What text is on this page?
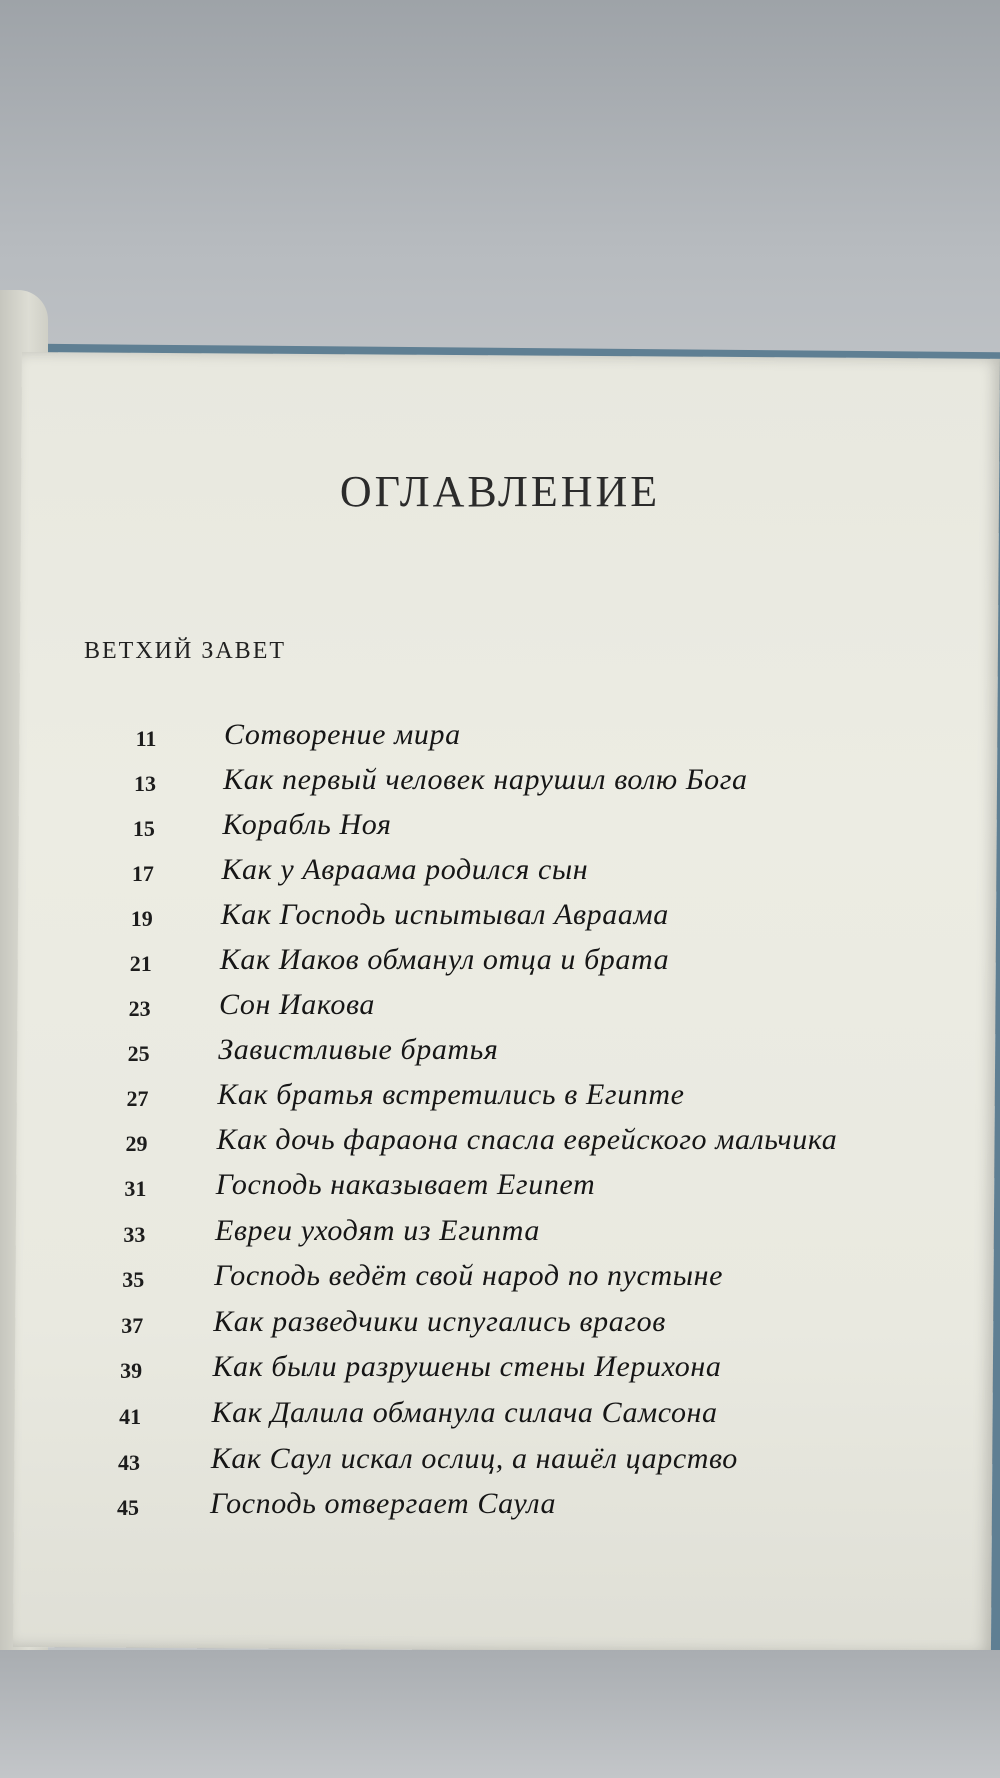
ОГЛАВЛЕНИЕ
ВЕТХИЙ ЗАВЕТ
11	Сотворение мира
13	Как первый человек нарушил волю Бога
15	Корабль Ноя
17	Как у Авраама родился сын
19	Как Господь испытывал Авраама
21	Как Иаков обманул отца и брата
23	Сон Иакова
25	Завистливые братья
27	Как братья встретились в Египте
29	Как дочь фараона спасла еврейского мальчика
31	Господь наказывает Египет
33	Евреи уходят из Египта
35	Господь ведёт свой народ по пустыне
37	Как разведчики испугались врагов
39	Как были разрушены стены Иерихона
41	Как Далила обманула силача Самсона
43	Как Саул искал ослиц, а нашёл царство
45	Господь отвергает Саула
